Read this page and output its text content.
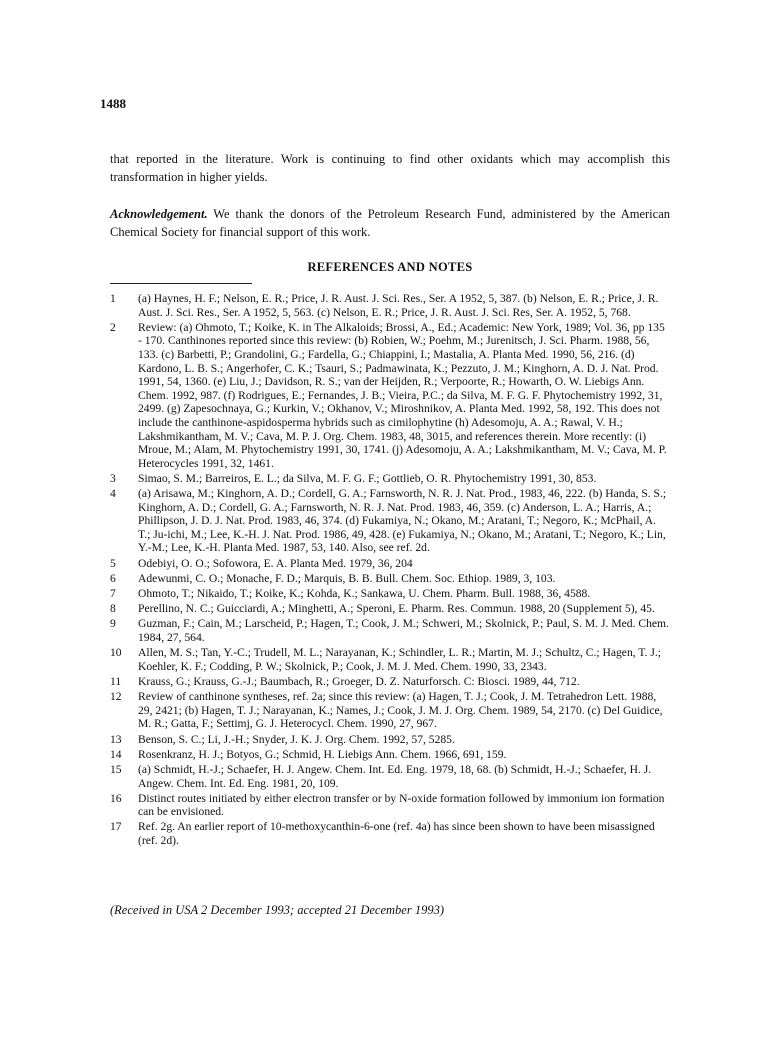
1488
that reported in the literature. Work is continuing to find other oxidants which may accomplish this transformation in higher yields.
Acknowledgement. We thank the donors of the Petroleum Research Fund, administered by the American Chemical Society for financial support of this work.
REFERENCES AND NOTES
1	(a) Haynes, H. F.; Nelson, E. R.; Price, J. R. Aust. J. Sci. Res., Ser. A 1952, 5, 387. (b) Nelson, E. R.; Price, J. R. Aust. J. Sci. Res., Ser. A 1952, 5, 563. (c) Nelson, E. R.; Price, J. R. Aust. J. Sci. Res, Ser. A. 1952, 5, 768.
2	Review: (a) Ohmoto, T.; Koike, K. in The Alkaloids; Brossi, A., Ed.; Academic: New York, 1989; Vol. 36, pp 135 - 170. Canthinones reported since this review: (b) Robien, W.; Poehm, M.; Jurenitsch, J. Sci. Pharm. 1988, 56, 133. (c) Barbetti, P.; Grandolini, G.; Fardella, G.; Chiappini, I.; Mastalia, A. Planta Med. 1990, 56, 216. (d) Kardono, L. B. S.; Angerhofer, C. K.; Tsauri, S.; Padmawinata, K.; Pezzuto, J. M.; Kinghorn, A. D. J. Nat. Prod. 1991, 54, 1360. (e) Liu, J.; Davidson, R. S.; van der Heijden, R.; Verpoorte, R.; Howarth, O. W. Liebigs Ann. Chem. 1992, 987. (f) Rodrigues, E.; Fernandes, J. B.; Vieira, P.C.; da Silva, M. F. G. F. Phytochemistry 1992, 31, 2499. (g) Zapesochnaya, G.; Kurkin, V.; Okhanov, V.; Miroshnikov, A. Planta Med. 1992, 58, 192. This does not include the canthinone-aspidosperma hybrids such as cimilophytine (h) Adesomoju, A. A.; Rawal, V. H.; Lakshmikantham, M. V.; Cava, M. P. J. Org. Chem. 1983, 48, 3015, and references therein. More recently: (i) Mroue, M.; Alam, M. Phytochemistry 1991, 30, 1741. (j) Adesomoju, A. A.; Lakshmikantham, M. V.; Cava, M. P. Heterocycles 1991, 32, 1461.
3	Simao, S. M.; Barreiros, E. L.; da Silva, M. F. G. F.; Gottlieb, O. R. Phytochemistry 1991, 30, 853.
4	(a) Arisawa, M.; Kinghorn, A. D.; Cordell, G. A.; Farnsworth, N. R. J. Nat. Prod., 1983, 46, 222. (b) Handa, S. S.; Kinghorn, A. D.; Cordell, G. A.; Farnsworth, N. R. J. Nat. Prod. 1983, 46, 359. (c) Anderson, L. A.; Harris, A.; Phillipson, J. D. J. Nat. Prod. 1983, 46, 374. (d) Fukamiya, N.; Okano, M.; Aratani, T.; Negoro, K.; McPhail, A. T.; Ju-ichi, M.; Lee, K.-H. J. Nat. Prod. 1986, 49, 428. (e) Fukamiya, N.; Okano, M.; Aratani, T.; Negoro, K.; Lin, Y.-M.; Lee, K.-H. Planta Med. 1987, 53, 140. Also, see ref. 2d.
5	Odebiyi, O. O.; Sofowora, E. A. Planta Med. 1979, 36, 204
6	Adewunmi, C. O.; Monache, F. D.; Marquis, B. B. Bull. Chem. Soc. Ethiop. 1989, 3, 103.
7	Ohmoto, T.; Nikaido, T.; Koike, K.; Kohda, K.; Sankawa, U. Chem. Pharm. Bull. 1988, 36, 4588.
8	Perellino, N. C.; Guicciardi, A.; Minghetti, A.; Speroni, E. Pharm. Res. Commun. 1988, 20 (Supplement 5), 45.
9	Guzman, F.; Cain, M.; Larscheid, P.; Hagen, T.; Cook, J. M.; Schweri, M.; Skolnick, P.; Paul, S. M. J. Med. Chem. 1984, 27, 564.
10	Allen, M. S.; Tan, Y.-C.; Trudell, M. L.; Narayanan, K.; Schindler, L. R.; Martin, M. J.; Schultz, C.; Hagen, T. J.; Koehler, K. F.; Codding, P. W.; Skolnick, P.; Cook, J. M. J. Med. Chem. 1990, 33, 2343.
11	Krauss, G.; Krauss, G.-J.; Baumbach, R.; Groeger, D. Z. Naturforsch. C: Biosci. 1989, 44, 712.
12	Review of canthinone syntheses, ref. 2a; since this review: (a) Hagen, T. J.; Cook, J. M. Tetrahedron Lett. 1988, 29, 2421; (b) Hagen, T. J.; Narayanan, K.; Names, J.; Cook, J. M. J. Org. Chem. 1989, 54, 2170. (c) Del Guidice, M. R.; Gatta, F.; Settimj, G. J. Heterocycl. Chem. 1990, 27, 967.
13	Benson, S. C.; Li, J.-H.; Snyder, J. K. J. Org. Chem. 1992, 57, 5285.
14	Rosenkranz, H. J.; Botyos, G.; Schmid, H. Liebigs Ann. Chem. 1966, 691, 159.
15	(a) Schmidt, H.-J.; Schaefer, H. J. Angew. Chem. Int. Ed. Eng. 1979, 18, 68. (b) Schmidt, H.-J.; Schaefer, H. J. Angew. Chem. Int. Ed. Eng. 1981, 20, 109.
16	Distinct routes initiated by either electron transfer or by N-oxide formation followed by immonium ion formation can be envisioned.
17	Ref. 2g. An earlier report of 10-methoxycanthin-6-one (ref. 4a) has since been shown to have been misassigned (ref. 2d).
(Received in USA 2 December 1993; accepted 21 December 1993)
